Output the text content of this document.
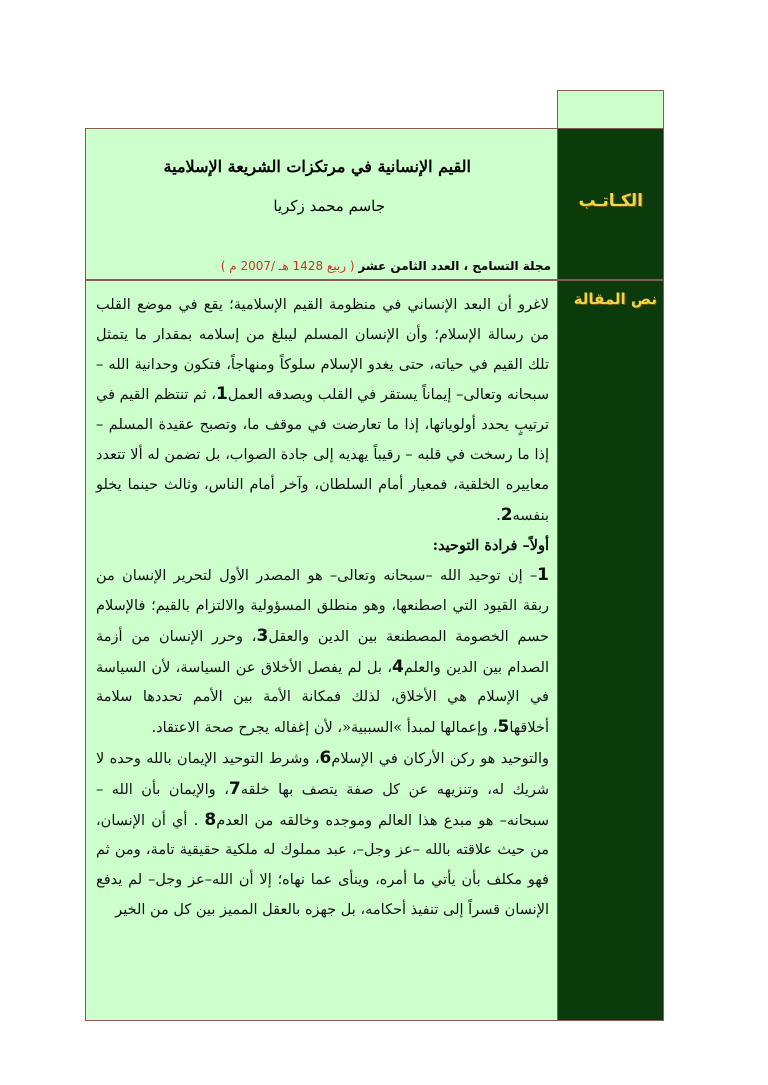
القيم الإنسانية في مرتكزات الشريعة الإسلامية
جاسم محمد زكريا
مجلة التسامح ، العدد الثامن عشر ( ربيع 1428 هـ /2007 م )
الكـاتـب
نص المقالة

لاغرو أن البعد الإنساني في منظومة القيم الإسلامية؛ يقع في موضع القلب من رسالة الإسلام؛ وأن الإنسان المسلم ليبلغ من إسلامه بمقدار ما يتمثل تلك القيم في حياته، حتى يغدو الإسلام سلوكاً ومنهاجاً، فتكون وحدانية الله – سبحانه وتعالى– إيماناً يستقر في القلب ويصدقه العمل1، ثم تنتظم القيم في ترتيبٍ يحدد أولوياتها، إذا ما تعارضت في موقف ما، وتصبح عقيدة المسلم – إذا ما رسخت في قلبه – رقيباً يهديه إلى جادة الصواب، بل تضمن له ألا تتعدد معاييره الخلقية، فمعيار أمام السلطان، وآخر أمام الناس، وثالث حينما يخلو بنفسه2.

أولاً– فرادة التوحيد:

1– إن توحيد الله –سبحانه وتعالى– هو المصدر الأول لتحرير الإنسان من ربقة القيود التي اصطنعها، وهو منطلق المسؤولية والالتزام بالقيم؛ فالإسلام حسم الخصومة المصطنعة بين الدين والعقل3، وحرر الإنسان من أزمة الصدام بين الدين والعلم4، بل لم يفصل الأخلاق عن السياسة، لأن السياسة في الإسلام هي الأخلاق، لذلك فمكانة الأمة بين الأمم تحددها سلامة أخلاقها5، وإعمالها لمبدأ »السببية«، لأن إغفاله يجرح صحة الاعتقاد.

والتوحيد هو ركن الأركان في الإسلام6، وشرط التوحيد الإيمان بالله وحده لا شريك له، وتنزيهه عن كل صفة يتصف بها خلقه7، والإيمان بأن الله – سبحانه– هو مبدع هذا العالم وموجده وخالقه من العدم8 . أي أن الإنسان، من حيث علاقته بالله –عز وجل–، عبد مملوك له ملكية حقيقية تامة، ومن ثم فهو مكلف بأن يأتي ما أمره، وينأى عما نهاه؛ إلا أن الله–عز وجل– لم يدفع الإنسان قسراً إلى تنفيذ أحكامه، بل جهزه بالعقل المميز بين كل من الخير
